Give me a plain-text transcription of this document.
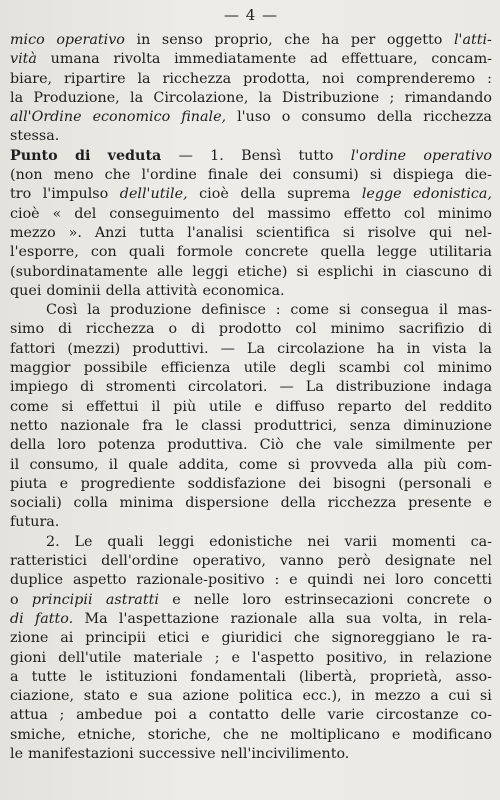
— 4 —
mico operativo in senso proprio, che ha per oggetto l'atti-
vità umana rivolta immediatamente ad effettuare, concam-
biare, ripartire la ricchezza prodotta, noi comprenderemo :
la Produzione, la Circolazione, la Distribuzione ; rimandando
all'Ordine economico finale, l'uso o consumo della ricchezza
stessa.
Punto di veduta — 1. Bensì tutto l'ordine operativo
(non meno che l'ordine finale dei consumi) si dispiega die-
tro l'impulso dell'utile, cioè della suprema legge edonistica,
cioè « del conseguimento del massimo effetto col minimo
mezzo ». Anzi tutta l'analisi scientifica si risolve qui nel-
l'esporre, con quali formole concrete quella legge utilitaria
(subordinatamente alle leggi etiche) si esplichi in ciascuno di
quei dominii della attività economica.
Così la produzione definisce : come si consegua il mas-
simo di ricchezza o di prodotto col minimo sacrifizio di
fattori (mezzi) produttivi. — La circolazione ha in vista la
maggior possibile efficienza utile degli scambi col minimo
impiego di stromenti circolatori. — La distribuzione indaga
come si effettui il più utile e diffuso reparto del reddito
netto nazionale fra le classi produttrici, senza diminuzione
della loro potenza produttiva. Ciò che vale similmente per
il consumo, il quale addita, come si provveda alla più com-
piuta e progrediente soddisfazione dei bisogni (personali e
sociali) colla minima dispersione della ricchezza presente e
futura.
2. Le quali leggi edonistiche nei varii momenti ca-
ratteristici dell'ordine operativo, vanno però designate nel
duplice aspetto razionale-positivo : e quindi nei loro concetti
o principii astratti e nelle loro estrinsecazioni concrete o
di fatto. Ma l'aspettazione razionale alla sua volta, in rela-
zione ai principii etici e giuridici che signoreggiano le ra-
gioni dell'utile materiale ; e l'aspetto positivo, in relazione
a tutte le istituzioni fondamentali (libertà, proprietà, asso-
ciazione, stato e sua azione politica ecc.), in mezzo a cui si
attua ; ambedue poi a contatto delle varie circostanze co-
smiche, etniche, storiche, che ne moltiplicano e modificano
le manifestazioni successive nell'incivilimento.
